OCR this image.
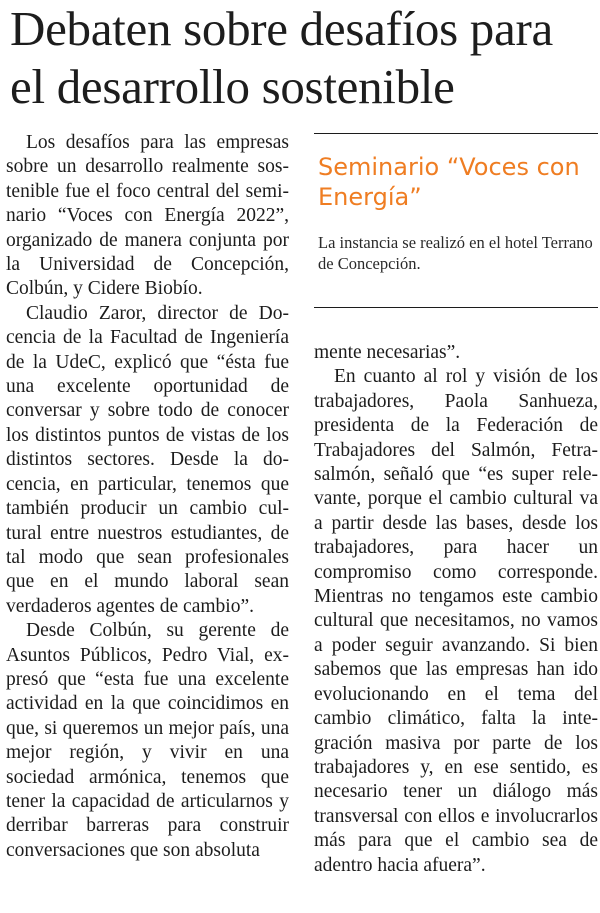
Debaten sobre desafíos para
el desarrollo sostenible

Los desafíos para las empresas sobre un desarrollo realmente sostenible fue el foco central del seminario “Voces con Energía 2022”, organizado de manera conjunta por la Universidad de Concepción, Colbún, y Cidere Biobío.

Claudio Zaror, director de Docencia de la Facultad de Ingeniería de la UdeC, explicó que “ésta fue una excelente oportunidad de conversar y sobre todo de conocer los distintos puntos de vistas de los distintos sectores. Desde la docencia, en particular, tenemos que también producir un cambio cultural entre nuestros estudiantes, de tal modo que sean profesionales que en el mundo laboral sean verdaderos agentes de cambio”.

Desde Colbún, su gerente de Asuntos Públicos, Pedro Vial, expresó que “esta fue una excelente actividad en la que coincidimos en que, si queremos un mejor país, una mejor región, y vivir en una sociedad armónica, tenemos que tener la capacidad de articularnos y derribar barreras para construir conversaciones que son absoluta

Seminario “Voces con Energía”

La instancia se realizó en el hotel Terrano de Concepción.

mente necesarias”.

En cuanto al rol y visión de los trabajadores, Paola Sanhueza, presidenta de la Federación de Trabajadores del Salmón, Fetrasalmón, señaló que “es super relevante, porque el cambio cultural va a partir desde las bases, desde los trabajadores, para hacer un compromiso como corresponde. Mientras no tengamos este cambio cultural que necesitamos, no vamos a poder seguir avanzando. Si bien sabemos que las empresas han ido evolucionando en el tema del cambio climático, falta la integración masiva por parte de los trabajadores y, en ese sentido, es necesario tener un diálogo más transversal con ellos e involucrarlos más para que el cambio sea de adentro hacia afuera”.
